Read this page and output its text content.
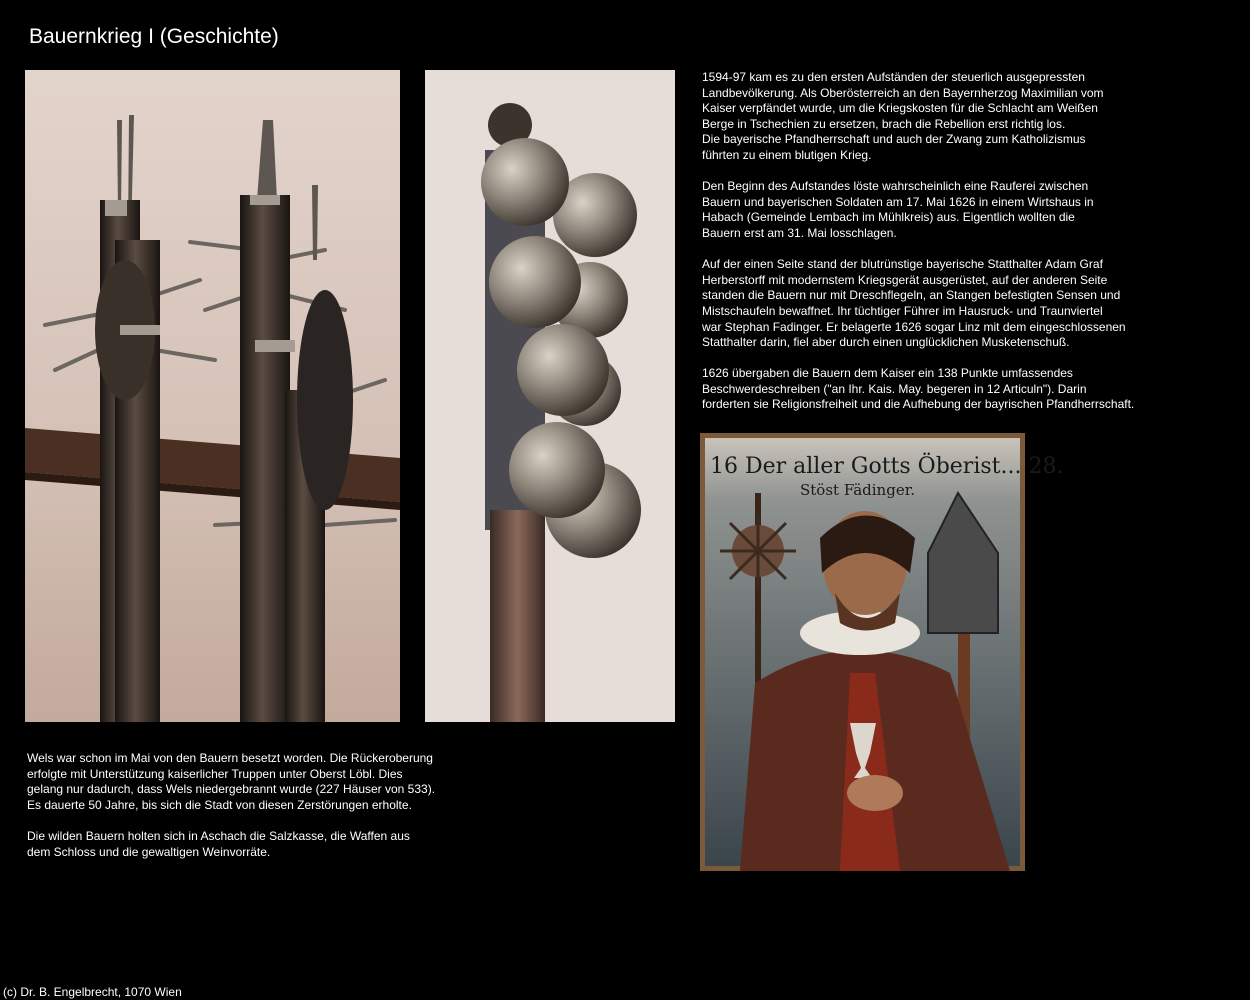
Bauernkrieg I (Geschichte)

1594-97 kam es zu den ersten Aufständen der steuerlich ausgepressten
Landbevölkerung. Als Oberösterreich an den Bayernherzog Maximilian vom
Kaiser verpfändet wurde, um die Kriegskosten für die Schlacht am Weißen
Berge in Tschechien zu ersetzen, brach die Rebellion erst richtig los.
Die bayerische Pfandherrschaft und auch der Zwang zum Katholizismus
führten zu einem blutigen Krieg.

Den Beginn des Aufstandes löste wahrscheinlich eine Rauferei zwischen
Bauern und bayerischen Soldaten am 17. Mai 1626 in einem Wirtshaus in
Habach (Gemeinde Lembach im Mühlkreis) aus. Eigentlich wollten die
Bauern erst am 31. Mai losschlagen.

Auf der einen Seite stand der blutrünstige bayerische Statthalter Adam Graf
Herberstorff mit modernstem Kriegsgerät ausgerüstet, auf der anderen Seite
standen die Bauern nur mit Dreschflegeln, an Stangen befestigten Sensen und
Mistschaufeln bewaffnet. Ihr tüchtiger Führer im Hausruck- und Traunviertel
war Stephan Fadinger. Er belagerte 1626 sogar Linz mit dem eingeschlossenen
Statthalter darin, fiel aber durch einen unglücklichen Musketenschuß.

1626 übergaben die Bauern dem Kaiser ein 138 Punkte umfassendes
Beschwerdeschreiben ("an Ihr. Kais. May. begeren in 12 Articuln"). Darin
forderten sie Religionsfreiheit und die Aufhebung der bayrischen Pfandherrschaft.

16 Der aller Gotts Öberist... 28.
Stöst Fädinger.

Wels war schon im Mai von den Bauern besetzt worden. Die Rückeroberung
erfolgte mit Unterstützung kaiserlicher Truppen unter Oberst Löbl. Dies
gelang nur dadurch, dass Wels niedergebrannt wurde (227 Häuser von 533).
Es dauerte 50 Jahre, bis sich die Stadt von diesen Zerstörungen erholte.

Die wilden Bauern holten sich in Aschach die Salzkasse, die Waffen aus
dem Schloss und die gewaltigen Weinvorräte.

(c) Dr. B. Engelbrecht, 1070 Wien
